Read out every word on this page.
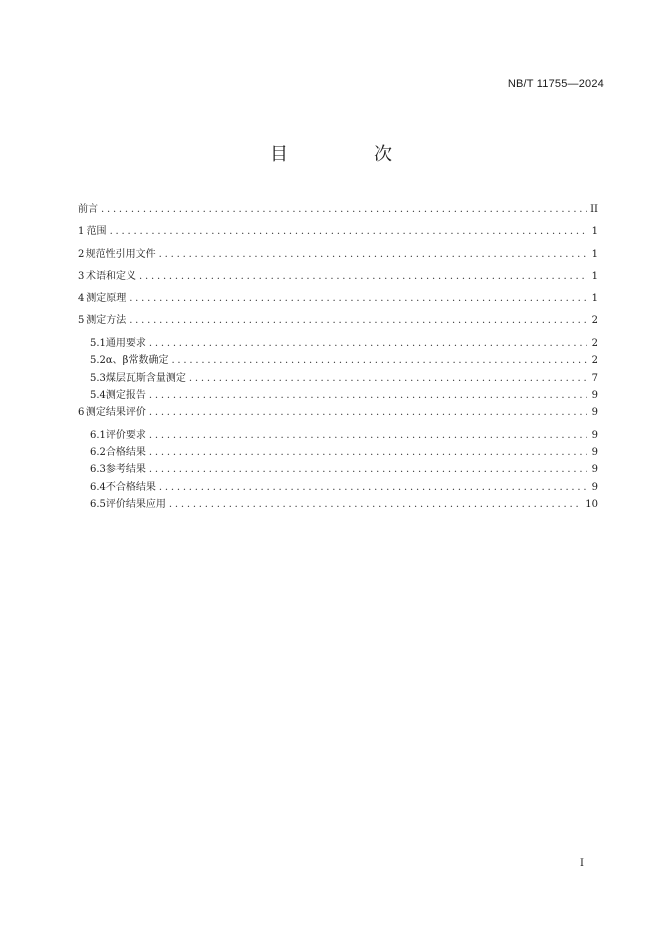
NB/T 11755—2024
目　次
前言 .....	II
1 范围 .....	1
2 规范性引用文件 .....	1
3 术语和定义 .....	1
4 测定原理 .....	1
5 测定方法 .....	2
5.1 通用要求 .....	2
5.2 α、β常数确定 .....	2
5.3 煤层瓦斯含量测定 .....	7
5.4 测定报告 .....	9
6 测定结果评价 .....	9
6.1 评价要求 .....	9
6.2 合格结果 .....	9
6.3 参考结果 .....	9
6.4 不合格结果 .....	9
6.5 评价结果应用 .....	10
I
